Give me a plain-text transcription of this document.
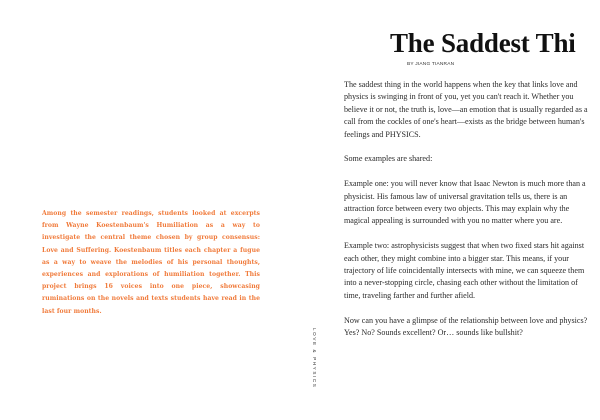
Among the semester readings, students looked at excerpts from Wayne Koestenbaum's Humiliation as a way to investigate the central theme chosen by group consensus: Love and Suffering. Koestenbaum titles each chapter a fugue as a way to weave the melodies of his personal thoughts, experiences and explorations of humiliation together. This project brings 16 voices into one piece, showcasing ruminations on the novels and texts students have read in the last four months.
LOVE & PHYSICS
The Saddest Thi
BY JIANG TIANRAN

The saddest thing in the world happens when the key that links love and physics is swinging in front of you, yet you can't reach it. Whether you believe it or not, the truth is, love—an emotion that is usually regarded as a call from the cockles of one's heart—exists as the bridge between human's feelings and PHYSICS.

Some examples are shared:

Example one: you will never know that Isaac Newton is much more than a physicist. His famous law of universal gravitation tells us, there is an attraction force between every two objects. This may explain why the magical appealing is surrounded with you no matter where you are.

Example two: astrophysicists suggest that when two fixed stars hit against each other, they might combine into a bigger star. This means, if your trajectory of life coincidentally intersects with mine, we can squeeze them into a never-stopping circle, chasing each other without the limitation of time, traveling farther and further afield.

Now can you have a glimpse of the relationship between love and physics? Yes? No? Sounds excellent? Or… sounds like bullshit?
